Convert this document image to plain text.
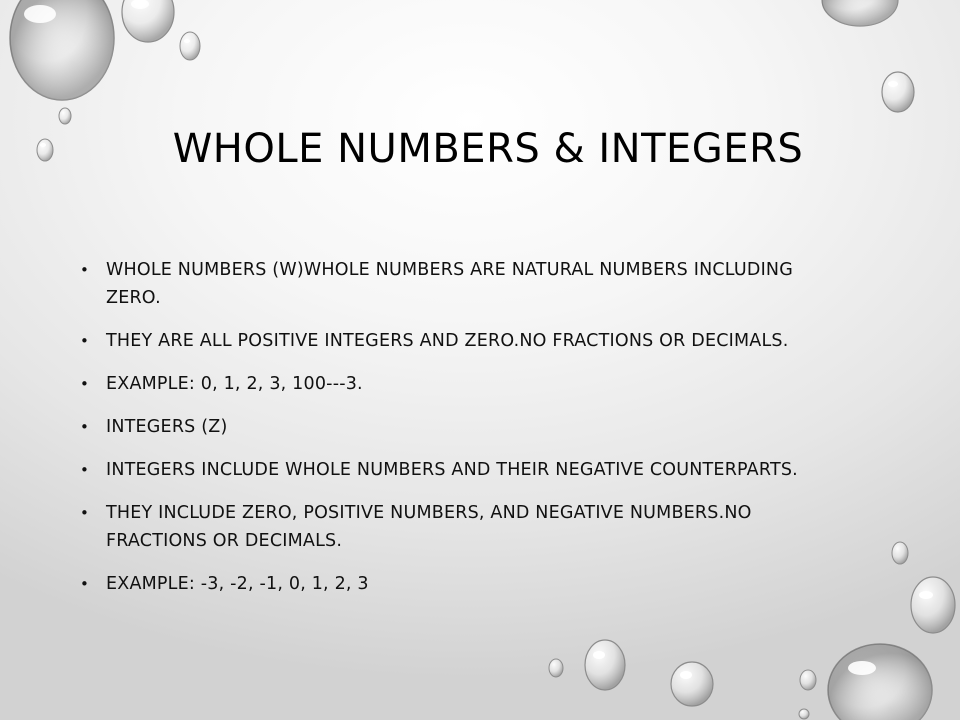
WHOLE NUMBERS & INTEGERS
• WHOLE NUMBERS (W)WHOLE NUMBERS ARE NATURAL NUMBERS INCLUDING ZERO.
• THEY ARE ALL POSITIVE INTEGERS AND ZERO.NO FRACTIONS OR DECIMALS.
• EXAMPLE: 0, 1, 2, 3, 100---3.
• INTEGERS (Z)
• INTEGERS INCLUDE WHOLE NUMBERS AND THEIR NEGATIVE COUNTERPARTS.
• THEY INCLUDE ZERO, POSITIVE NUMBERS, AND NEGATIVE NUMBERS.NO FRACTIONS OR DECIMALS.
• EXAMPLE: -3, -2, -1, 0, 1, 2, 3
